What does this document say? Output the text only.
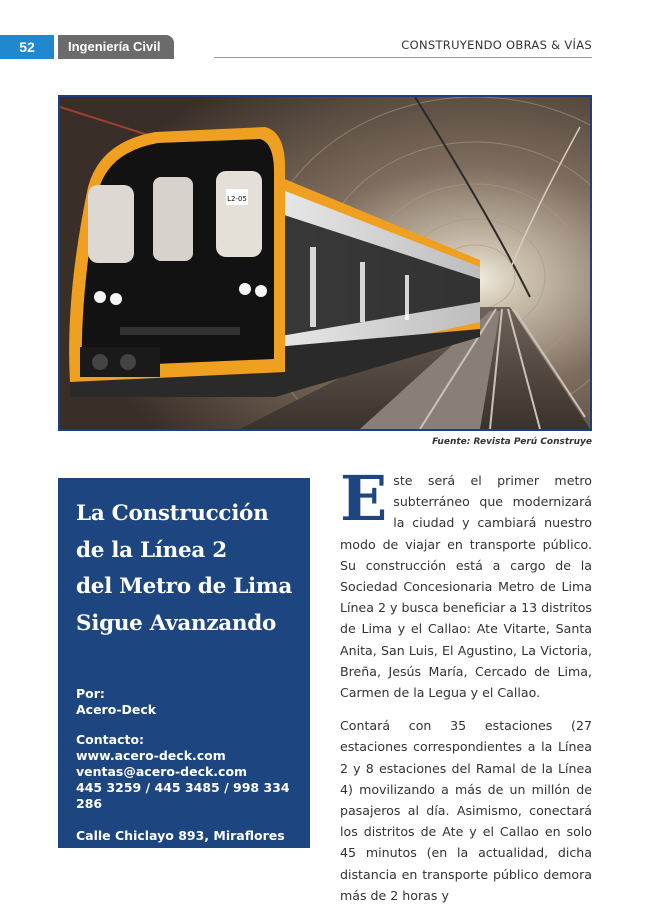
52	Ingeniería Civil	CONSTRUYENDO OBRAS & VÍAS
L2-05
Fuente: Revista Perú Construye
La Construcción
de la Línea 2
del Metro de Lima
Sigue Avanzando
Por:
Acero-Deck
Contacto:
www.acero-deck.com
ventas@acero-deck.com
445 3259 / 445 3485 / 998 334 286
Calle Chiclayo 893, Miraflores

Este será el primer metro subterráneo que modernizará la ciudad y cambiará nuestro modo de viajar en transporte público. Su construcción está a cargo de la Sociedad Concesionaria Metro de Lima Línea 2 y busca beneficiar a 13 distritos de Lima y el Callao: Ate Vitarte, Santa Anita, San Luis, El Agustino, La Victoria, Breña, Jesús María, Cercado de Lima, Carmen de la Legua y el Callao.

Contará con 35 estaciones (27 estaciones correspondientes a la Línea 2 y 8 estaciones del Ramal de la Línea 4) movilizando a más de un millón de pasajeros al día. Asimismo, conectará los distritos de Ate y el Callao en solo 45 minutos (en la actualidad, dicha distancia en transporte público demora más de 2 horas y
